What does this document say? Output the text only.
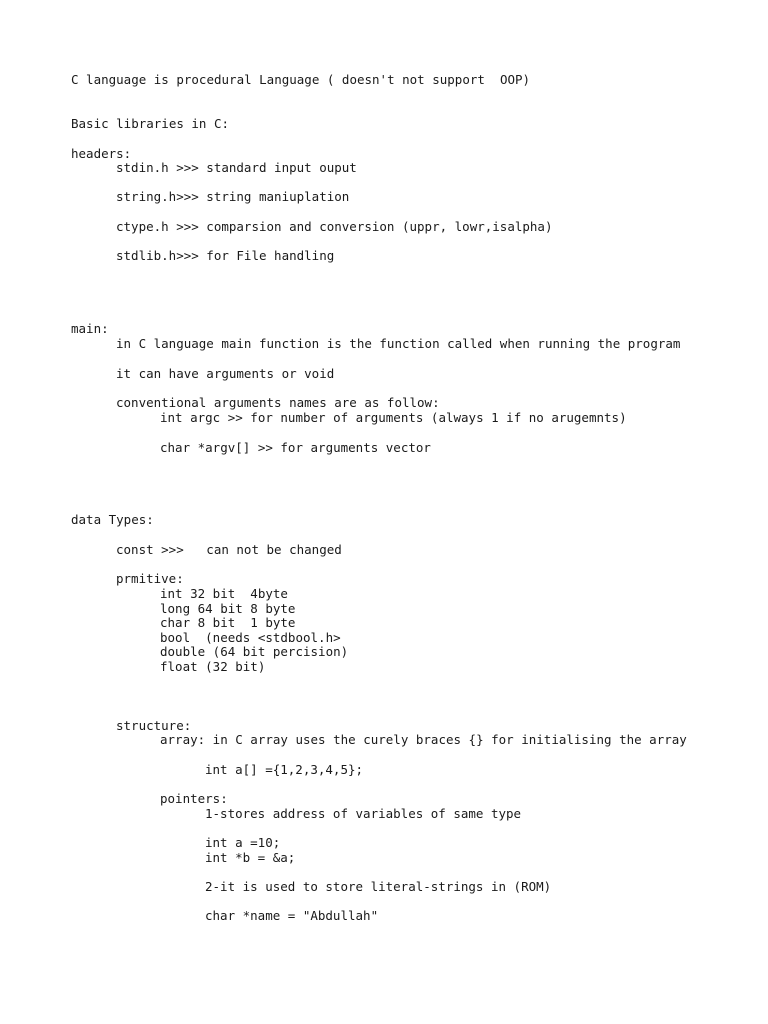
C language is procedural Language ( doesn't not support  OOP)
Basic libraries in C:
headers:
stdin.h >>> standard input ouput
string.h>>> string maniuplation
ctype.h >>> comparsion and conversion (uppr, lowr,isalpha)
stdlib.h>>> for File handling
main:
in C language main function is the function called when running the program
it can have arguments or void
conventional arguments names are as follow:
int argc >> for number of arguments (always 1 if no arugemnts)
char *argv[] >> for arguments vector
data Types:
const >>>   can not be changed
prmitive:
int 32 bit  4byte
long 64 bit 8 byte
char 8 bit  1 byte
bool  (needs <stdbool.h>
double (64 bit percision)
float (32 bit)
structure:
array: in C array uses the curely braces {} for initialising the array
int a[] ={1,2,3,4,5};
pointers:
1-stores address of variables of same type
int a =10;
int *b = &a;
2-it is used to store literal-strings in (ROM)
char *name = "Abdullah"
